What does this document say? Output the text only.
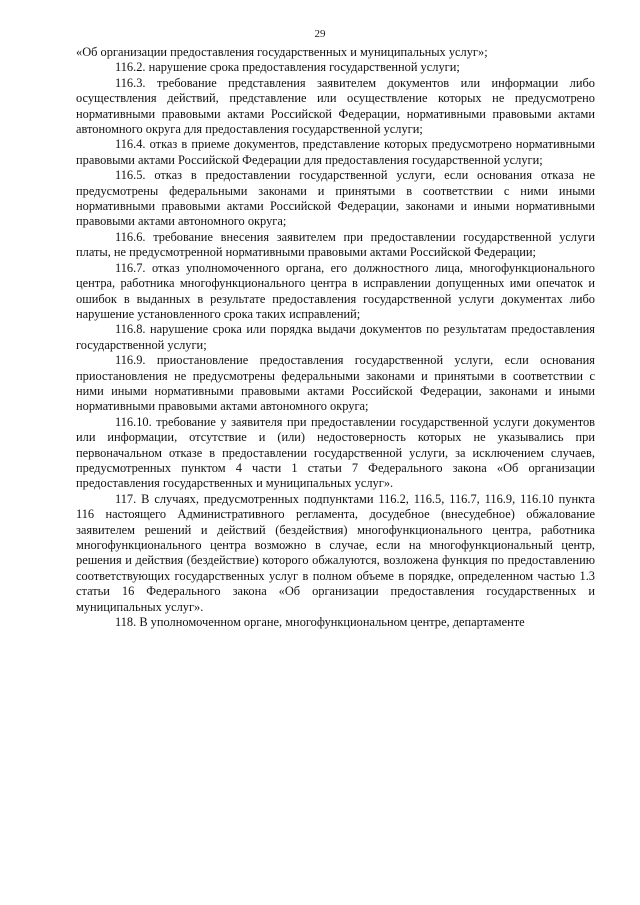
29

«Об организации предоставления государственных и муниципальных услуг»;

116.2. нарушение срока предоставления государственной услуги;

116.3. требование представления заявителем документов или информации либо осуществления действий, представление или осуществление которых не предусмотрено нормативными правовыми актами Российской Федерации, нормативными правовыми актами автономного округа для предоставления государственной услуги;

116.4. отказ в приеме документов, представление которых предусмотрено нормативными правовыми актами Российской Федерации для предоставления государственной услуги;

116.5. отказ в предоставлении государственной услуги, если основания отказа не предусмотрены федеральными законами и принятыми в соответствии с ними иными нормативными правовыми актами Российской Федерации, законами и иными нормативными правовыми актами автономного округа;

116.6. требование внесения заявителем при предоставлении государственной услуги платы, не предусмотренной нормативными правовыми актами Российской Федерации;

116.7. отказ уполномоченного органа, его должностного лица, многофункционального центра, работника многофункционального центра в исправлении допущенных ими опечаток и ошибок в выданных в результате предоставления государственной услуги документах либо нарушение установленного срока таких исправлений;

116.8. нарушение срока или порядка выдачи документов по результатам предоставления государственной услуги;

116.9. приостановление предоставления государственной услуги, если основания приостановления не предусмотрены федеральными законами и принятыми в соответствии с ними иными нормативными правовыми актами Российской Федерации, законами и иными нормативными правовыми актами автономного округа;

116.10. требование у заявителя при предоставлении государственной услуги документов или информации, отсутствие и (или) недостоверность которых не указывались при первоначальном отказе в предоставлении государственной услуги, за исключением случаев, предусмотренных пунктом 4 части 1 статьи 7 Федерального закона «Об организации предоставления государственных и муниципальных услуг».

117. В случаях, предусмотренных подпунктами 116.2, 116.5, 116.7, 116.9, 116.10 пункта 116 настоящего Административного регламента, досудебное (внесудебное) обжалование заявителем решений и действий (бездействия) многофункционального центра, работника многофункционального центра возможно в случае, если на многофункциональный центр, решения и действия (бездействие) которого обжалуются, возложена функция по предоставлению соответствующих государственных услуг в полном объеме в порядке, определенном частью 1.3 статьи 16 Федерального закона «Об организации предоставления государственных и муниципальных услуг».

118. В уполномоченном органе, многофункциональном центре, департаменте
